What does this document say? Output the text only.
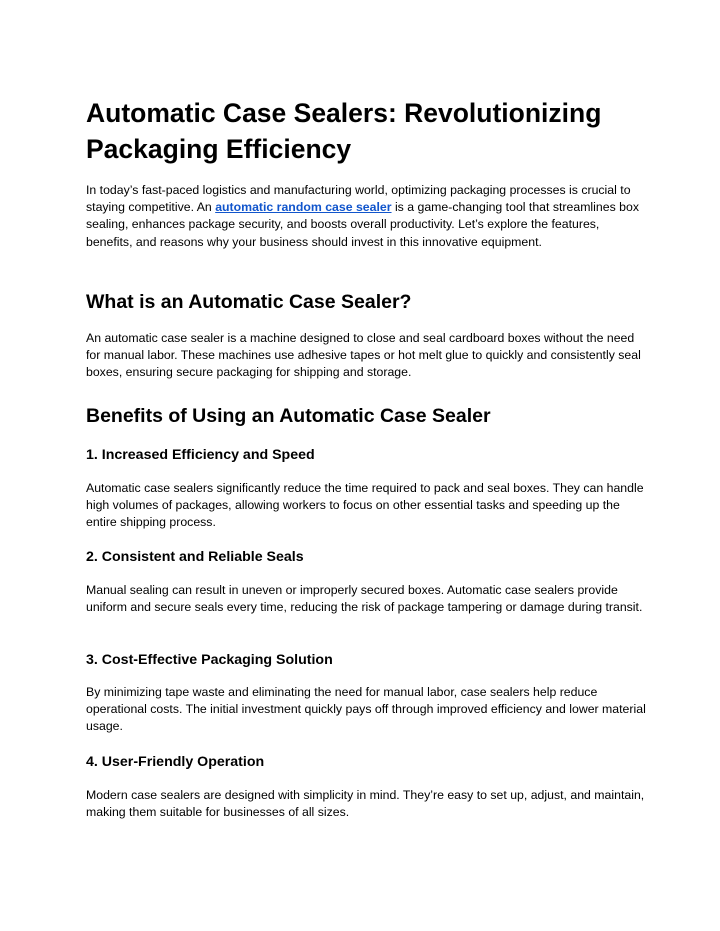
Automatic Case Sealers: Revolutionizing Packaging Efficiency

In today’s fast-paced logistics and manufacturing world, optimizing packaging processes is crucial to staying competitive. An automatic random case sealer is a game-changing tool that streamlines box sealing, enhances package security, and boosts overall productivity. Let’s explore the features, benefits, and reasons why your business should invest in this innovative equipment.

What is an Automatic Case Sealer?

An automatic case sealer is a machine designed to close and seal cardboard boxes without the need for manual labor. These machines use adhesive tapes or hot melt glue to quickly and consistently seal boxes, ensuring secure packaging for shipping and storage.

Benefits of Using an Automatic Case Sealer
1. Increased Efficiency and Speed

Automatic case sealers significantly reduce the time required to pack and seal boxes. They can handle high volumes of packages, allowing workers to focus on other essential tasks and speeding up the entire shipping process.

2. Consistent and Reliable Seals

Manual sealing can result in uneven or improperly secured boxes. Automatic case sealers provide uniform and secure seals every time, reducing the risk of package tampering or damage during transit.

3. Cost-Effective Packaging Solution

By minimizing tape waste and eliminating the need for manual labor, case sealers help reduce operational costs. The initial investment quickly pays off through improved efficiency and lower material usage.

4. User-Friendly Operation

Modern case sealers are designed with simplicity in mind. They’re easy to set up, adjust, and maintain, making them suitable for businesses of all sizes.
